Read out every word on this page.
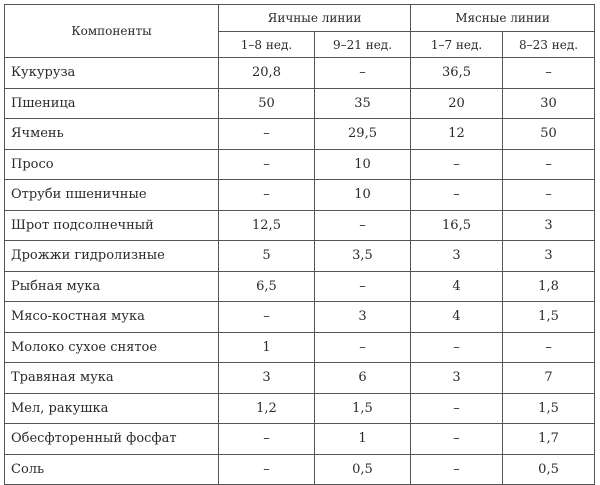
Компоненты	Яичные линии		Мясные линии	
	1–8 нед.	9–21 нед.	1–7 нед.	8–23 нед.
Кукуруза	20,8	–	36,5	–
Пшеница	50	35	20	30
Ячмень	–	29,5	12	50
Просо	–	10	–	–
Отруби пшеничные	–	10	–	–
Шрот подсолнечный	12,5	–	16,5	3
Дрожжи гидролизные	5	3,5	3	3
Рыбная мука	6,5	–	4	1,8
Мясо-костная мука	–	3	4	1,5
Молоко сухое снятое	1	–	–	–
Травяная мука	3	6	3	7
Мел, ракушка	1,2	1,5	–	1,5
Обесфторенный фосфат	–	1	–	1,7
Соль	–	0,5	–	0,5
